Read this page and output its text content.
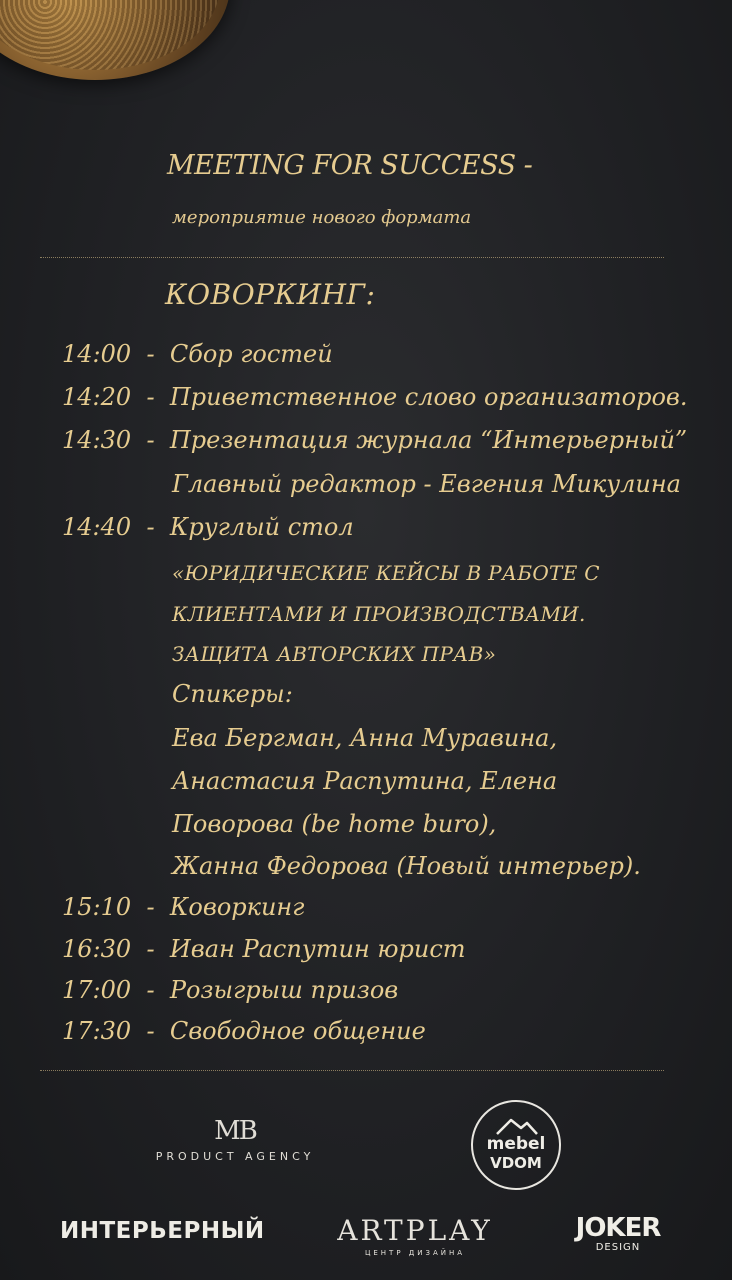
MEETING FOR SUCCESS -
мероприятие нового формата
КОВОРКИНГ:
14:00  -  Сбор гостей
14:20  -  Приветственное слово организаторов.
14:30  -  Презентация журнала “Интерьерный”
Главный редактор - Евгения Микулина
14:40  -  Круглый стол
«ЮРИДИЧЕСКИЕ КЕЙСЫ В РАБОТЕ С
КЛИЕНТАМИ И ПРОИЗВОДСТВАМИ.
ЗАЩИТА АВТОРСКИХ ПРАВ»
Спикеры:
Ева Бергман, Анна Муравина,
Анастасия Распутина, Елена
Поворова (be home buro),
Жанна Федорова (Новый интерьер).
15:10  -  Коворкинг
16:30  -  Иван Распутин юрист
17:00  -  Розыгрыш призов
17:30  -  Свободное общение
MB
PRODUCT AGENCY
mebel
VDOM
ИНТЕРЬЕРНЫЙ	ARTPLAY
ЦЕНТР ДИЗАЙНА
JOKER
DESIGN
